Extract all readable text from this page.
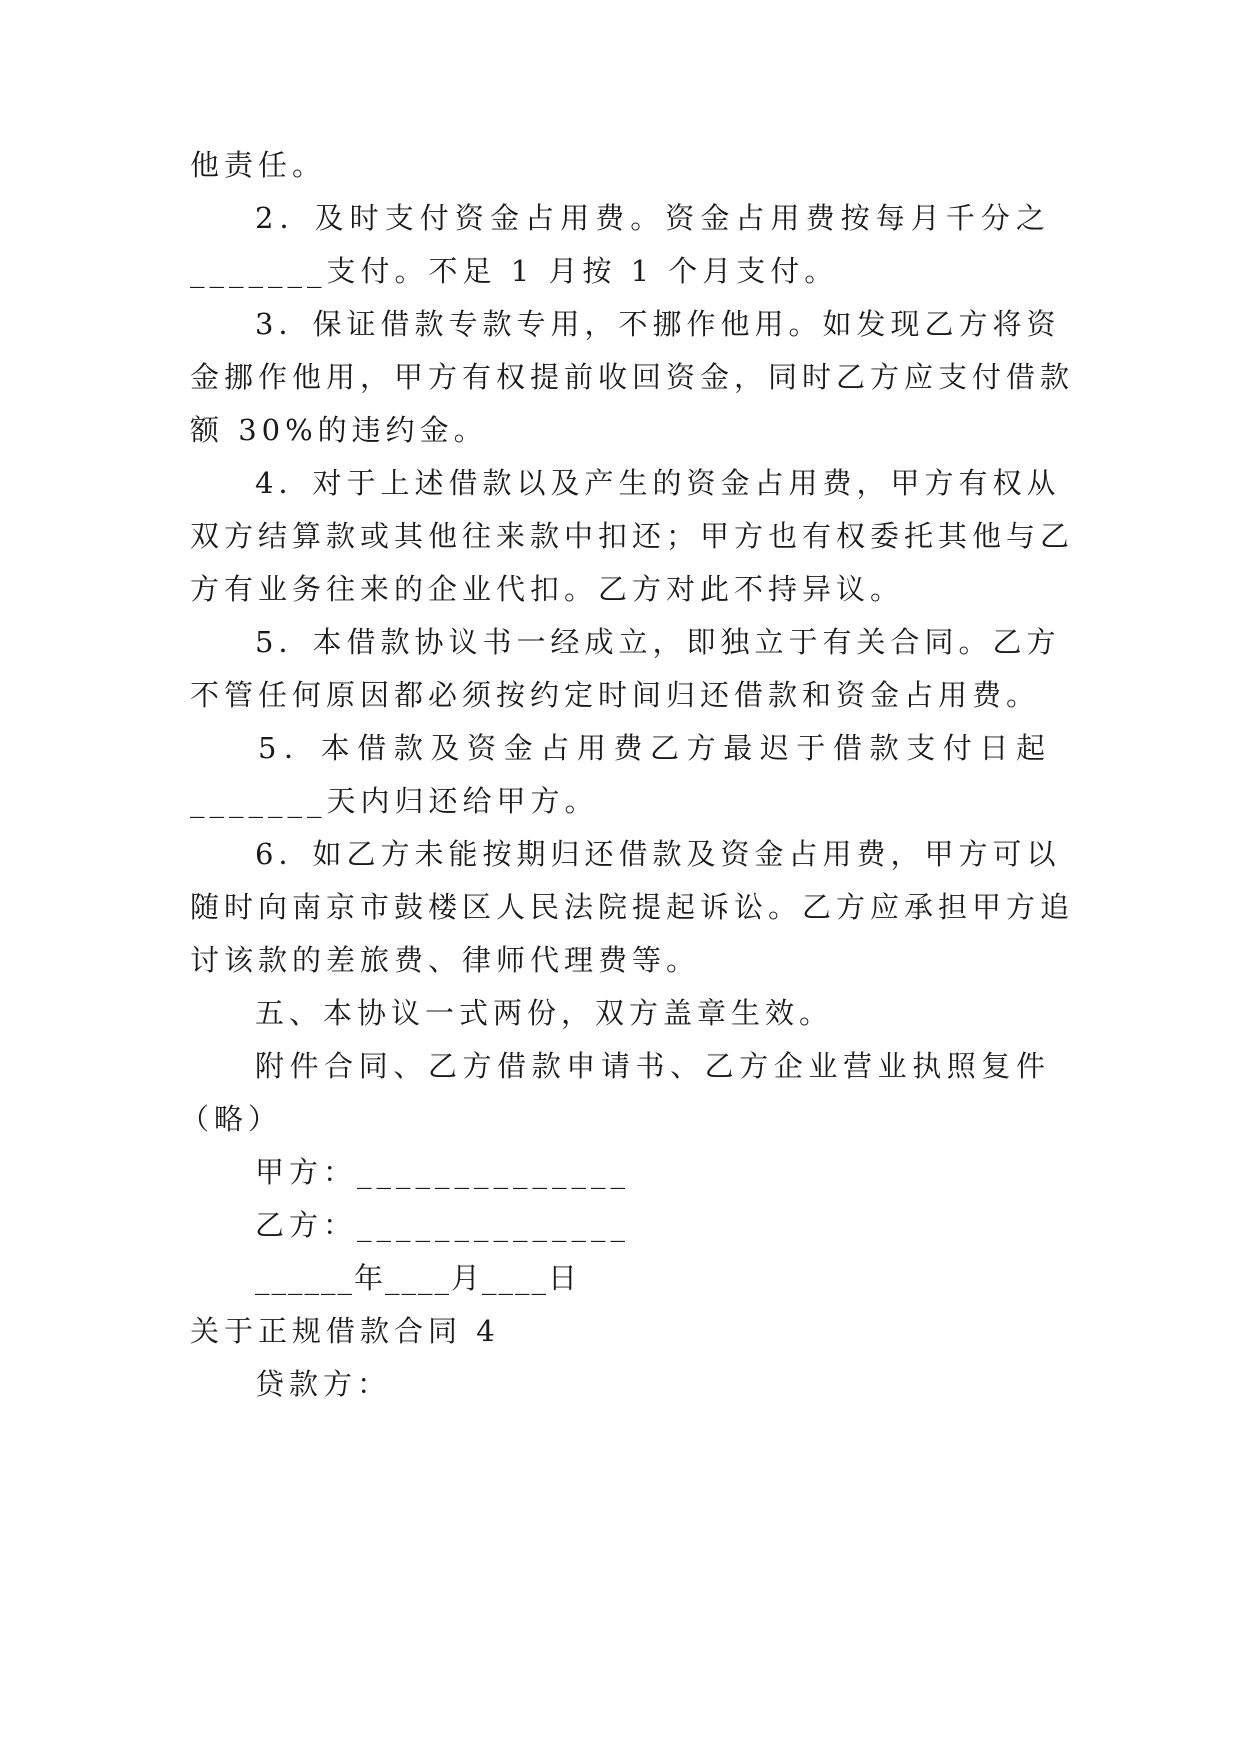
他责任。
2．及时支付资金占用费。资金占用费按每月千分之
_______支付。不足 1 月按 1 个月支付。
3．保证借款专款专用，不挪作他用。如发现乙方将资
金挪作他用，甲方有权提前收回资金，同时乙方应支付借款
额 30%的违约金。
4．对于上述借款以及产生的资金占用费，甲方有权从
双方结算款或其他往来款中扣还；甲方也有权委托其他与乙
方有业务往来的企业代扣。乙方对此不持异议。
5．本借款协议书一经成立，即独立于有关合同。乙方
不管任何原因都必须按约定时间归还借款和资金占用费。
5．本借款及资金占用费乙方最迟于借款支付日起
_______天内归还给甲方。
6．如乙方未能按期归还借款及资金占用费，甲方可以
随时向南京市鼓楼区人民法院提起诉讼。乙方应承担甲方追
讨该款的差旅费、律师代理费等。
五、本协议一式两份，双方盖章生效。
附件合同、乙方借款申请书、乙方企业营业执照复件
（略）
甲方：______________
乙方：______________
______年____月____日
关于正规借款合同 4
贷款方：
